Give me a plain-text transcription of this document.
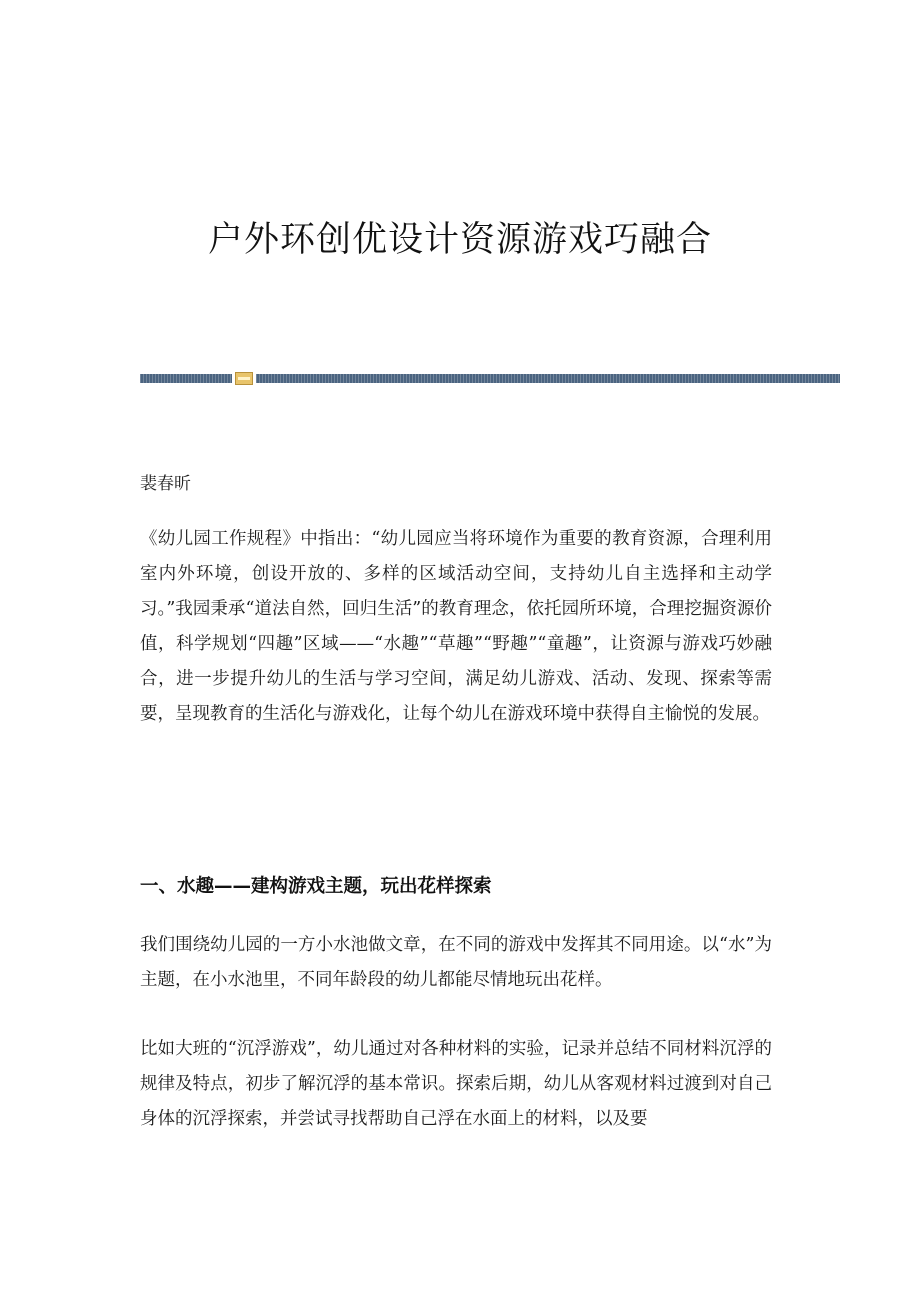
户外环创优设计资源游戏巧融合
裴春昕

《幼儿园工作规程》中指出：“幼儿园应当将环境作为重要的教育资源，合理利用室内外环境，创设开放的、多样的区域活动空间，支持幼儿自主选择和主动学习。”我园秉承“道法自然，回归生活”的教育理念，依托园所环境，合理挖掘资源价值，科学规划“四趣”区域——“水趣”“草趣”“野趣”“童趣”，让资源与游戏巧妙融合，进一步提升幼儿的生活与学习空间，满足幼儿游戏、活动、发现、探索等需要，呈现教育的生活化与游戏化，让每个幼儿在游戏环境中获得自主愉悦的发展。

一、水趣——建构游戏主题，玩出花样探索

我们围绕幼儿园的一方小水池做文章，在不同的游戏中发挥其不同用途。以“水”为主题，在小水池里，不同年龄段的幼儿都能尽情地玩出花样。

比如大班的“沉浮游戏”，幼儿通过对各种材料的实验，记录并总结不同材料沉浮的规律及特点，初步了解沉浮的基本常识。探索后期，幼儿从客观材料过渡到对自己身体的沉浮探索，并尝试寻找帮助自己浮在水面上的材料，以及要
